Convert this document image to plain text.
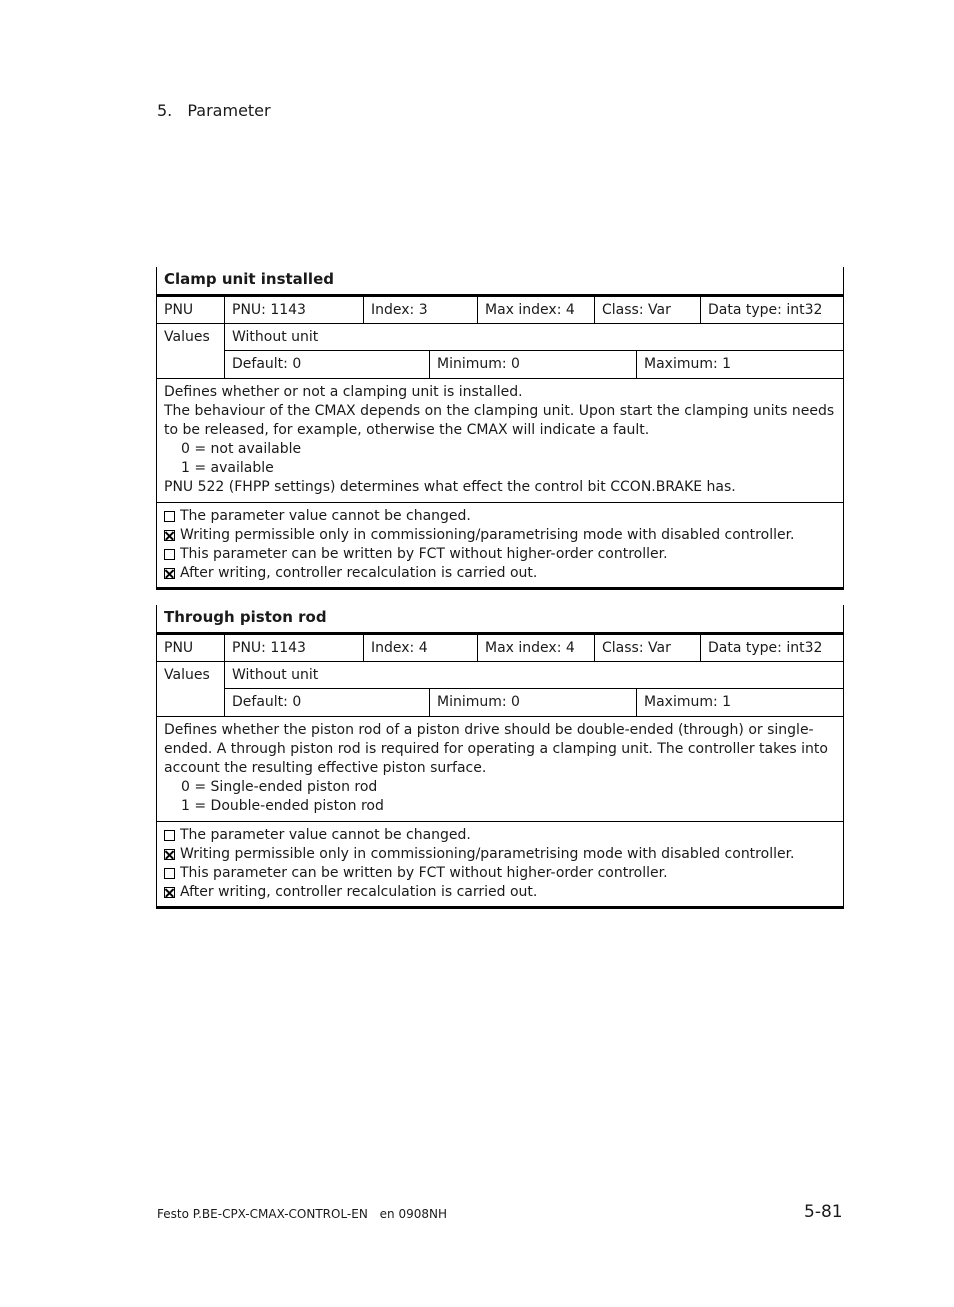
5. Parameter
Clamp unit installed
PNU	PNU: 1143	Index: 3	Max index: 4	Class: Var	Data type: int32
Values	Without unit
Default: 0	Minimum: 0	Maximum: 1
Defines whether or not a clamping unit is installed.
The behaviour of the CMAX depends on the clamping unit. Upon start the clamping units needs to be released, for example, otherwise the CMAX will indicate a fault.
0 = not available
1 = available
PNU 522 (FHPP settings) determines what effect the control bit CCON.BRAKE has.
The parameter value cannot be changed.
Writing permissible only in commissioning/parametrising mode with disabled controller.
This parameter can be written by FCT without higher-order controller.
After writing, controller recalculation is carried out.
Through piston rod
PNU	PNU: 1143	Index: 4	Max index: 4	Class: Var	Data type: int32
Values	Without unit
Default: 0	Minimum: 0	Maximum: 1
Defines whether the piston rod of a piston drive should be double-ended (through) or single-ended. A through piston rod is required for operating a clamping unit. The controller takes into account the resulting effective piston surface.
0 = Single-ended piston rod
1 = Double-ended piston rod
The parameter value cannot be changed.
Writing permissible only in commissioning/parametrising mode with disabled controller.
This parameter can be written by FCT without higher-order controller.
After writing, controller recalculation is carried out.
Festo P.BE-CPX-CMAX-CONTROL-EN en 0908NH	5-81
